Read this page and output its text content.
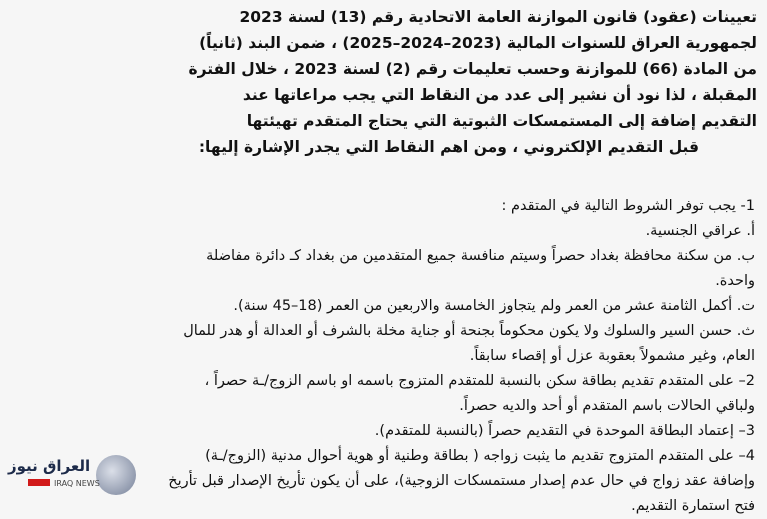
تعيينات (عقود) قانون الموازنة العامة الاتحادية رقم (13) لسنة 2023

لجمهورية العراق للسنوات المالية (2023–2024–2025) ، ضمن البند (ثانياً)

من المادة (66) للموازنة وحسب تعليمات رقم (2) لسنة 2023 ، خلال الفترة

المقبلة ، لذا نود أن نشير إلى عدد من النقاط التي يجب مراعاتها عند

التقديم إضافة إلى المستمسكات الثبوتية التي يحتاج المتقدم تهيئتها

قبل التقديم الإلكتروني ، ومن اهم النقاط التي يجدر الإشارة إليها:

1- يجب توفر الشروط التالية في المتقدم :

أ. عراقي الجنسية.

ب. من سكنة محافظة بغداد حصراً وسيتم منافسة جميع المتقدمين من بغداد كـ دائرة مفاضلة

واحدة.

ت. أكمل الثامنة عشر من العمر ولم يتجاوز الخامسة والاربعين من العمر (18–45 سنة).

ث. حسن السير والسلوك ولا يكون محكوماً بجنحة أو جناية مخلة بالشرف أو العدالة أو هدر للمال

العام، وغير مشمولاً بعقوبة عزل أو إقصاء سابقاً.

2– على المتقدم تقديم بطاقة سكن بالنسبة للمتقدم المتزوج باسمه او باسم الزوج/ـة حصراً ،

ولباقي الحالات باسم المتقدم أو أحد والديه حصراً.

3– إعتماد البطاقة الموحدة في التقديم حصراً (بالنسبة للمتقدم).

4– على المتقدم المتزوج تقديم ما يثبت زواجه ( بطاقة وطنية أو هوية أحوال مدنية (الزوج/ـة)

وإضافة عقد زواج في حال عدم إصدار مستمسكات الزوجية)، على أن يكون تأريخ الإصدار قبل تأريخ

فتح استمارة التقديم.

العراق نيوز
IRAQ NEWS
